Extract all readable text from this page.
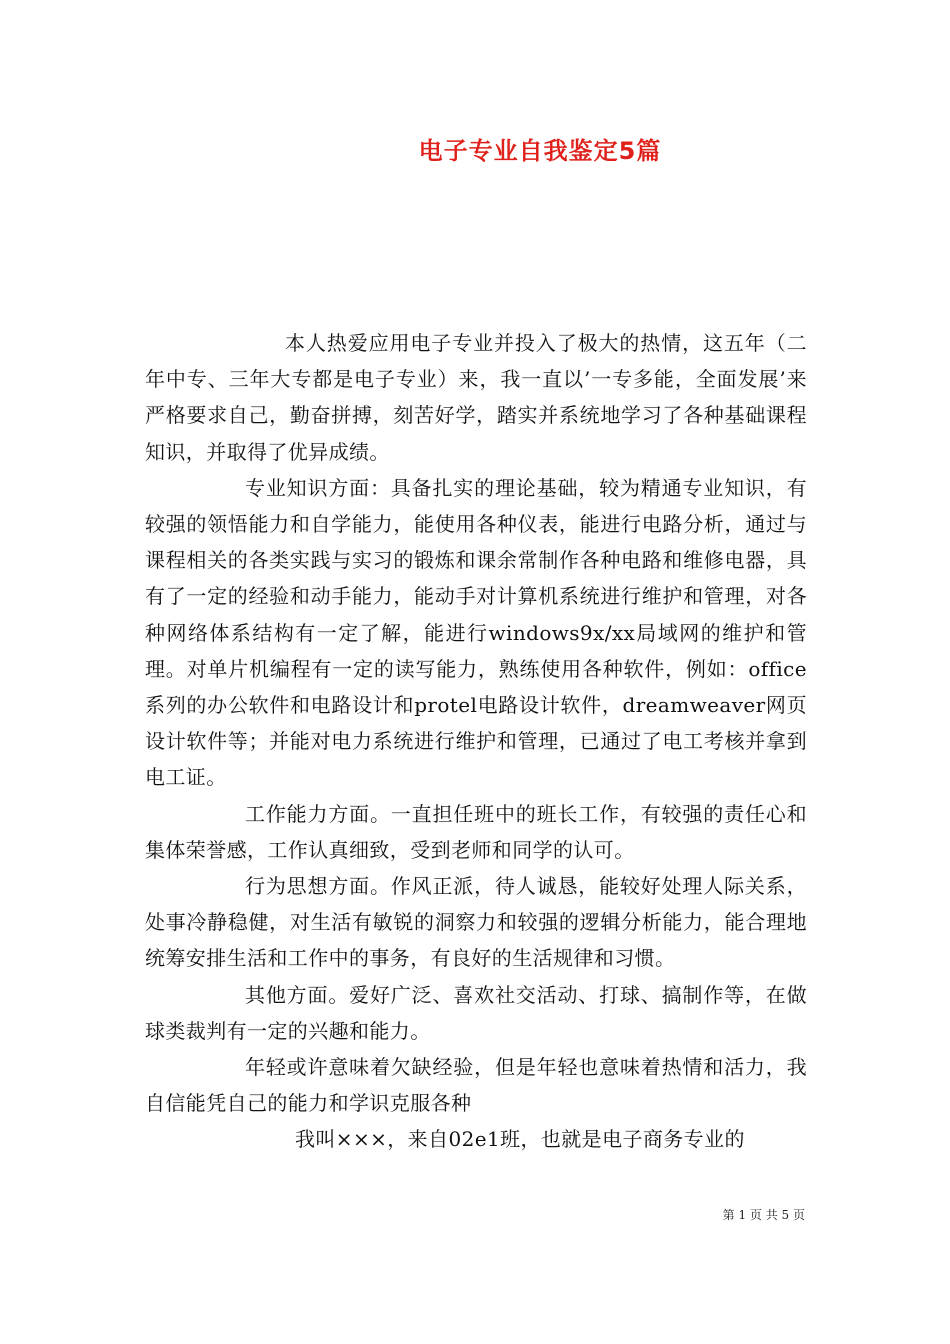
电子专业自我鉴定5篇

本人热爱应用电子专业并投入了极大的热情，这五年（二年中专、三年大专都是电子专业）来，我一直以’一专多能，全面发展’来严格要求自己，勤奋拼搏，刻苦好学，踏实并系统地学习了各种基础课程知识，并取得了优异成绩。

专业知识方面：具备扎实的理论基础，较为精通专业知识，有较强的领悟能力和自学能力，能使用各种仪表，能进行电路分析，通过与课程相关的各类实践与实习的锻炼和课余常制作各种电路和维修电器，具有了一定的经验和动手能力，能动手对计算机系统进行维护和管理，对各种网络体系结构有一定了解，能进行windows9x/xx局域网的维护和管理。对单片机编程有一定的读写能力，熟练使用各种软件，例如：office系列的办公软件和电路设计和protel电路设计软件，dreamweaver网页设计软件等；并能对电力系统进行维护和管理，已通过了电工考核并拿到电工证。

工作能力方面。一直担任班中的班长工作，有较强的责任心和集体荣誉感，工作认真细致，受到老师和同学的认可。

行为思想方面。作风正派，待人诚恳，能较好处理人际关系，处事冷静稳健，对生活有敏锐的洞察力和较强的逻辑分析能力，能合理地统筹安排生活和工作中的事务，有良好的生活规律和习惯。

其他方面。爱好广泛、喜欢社交活动、打球、搞制作等，在做球类裁判有一定的兴趣和能力。

年轻或许意味着欠缺经验，但是年轻也意味着热情和活力，我自信能凭自己的能力和学识克服各种

我叫×××，来自02e1班，也就是电子商务专业的

第 1 页 共 5 页
